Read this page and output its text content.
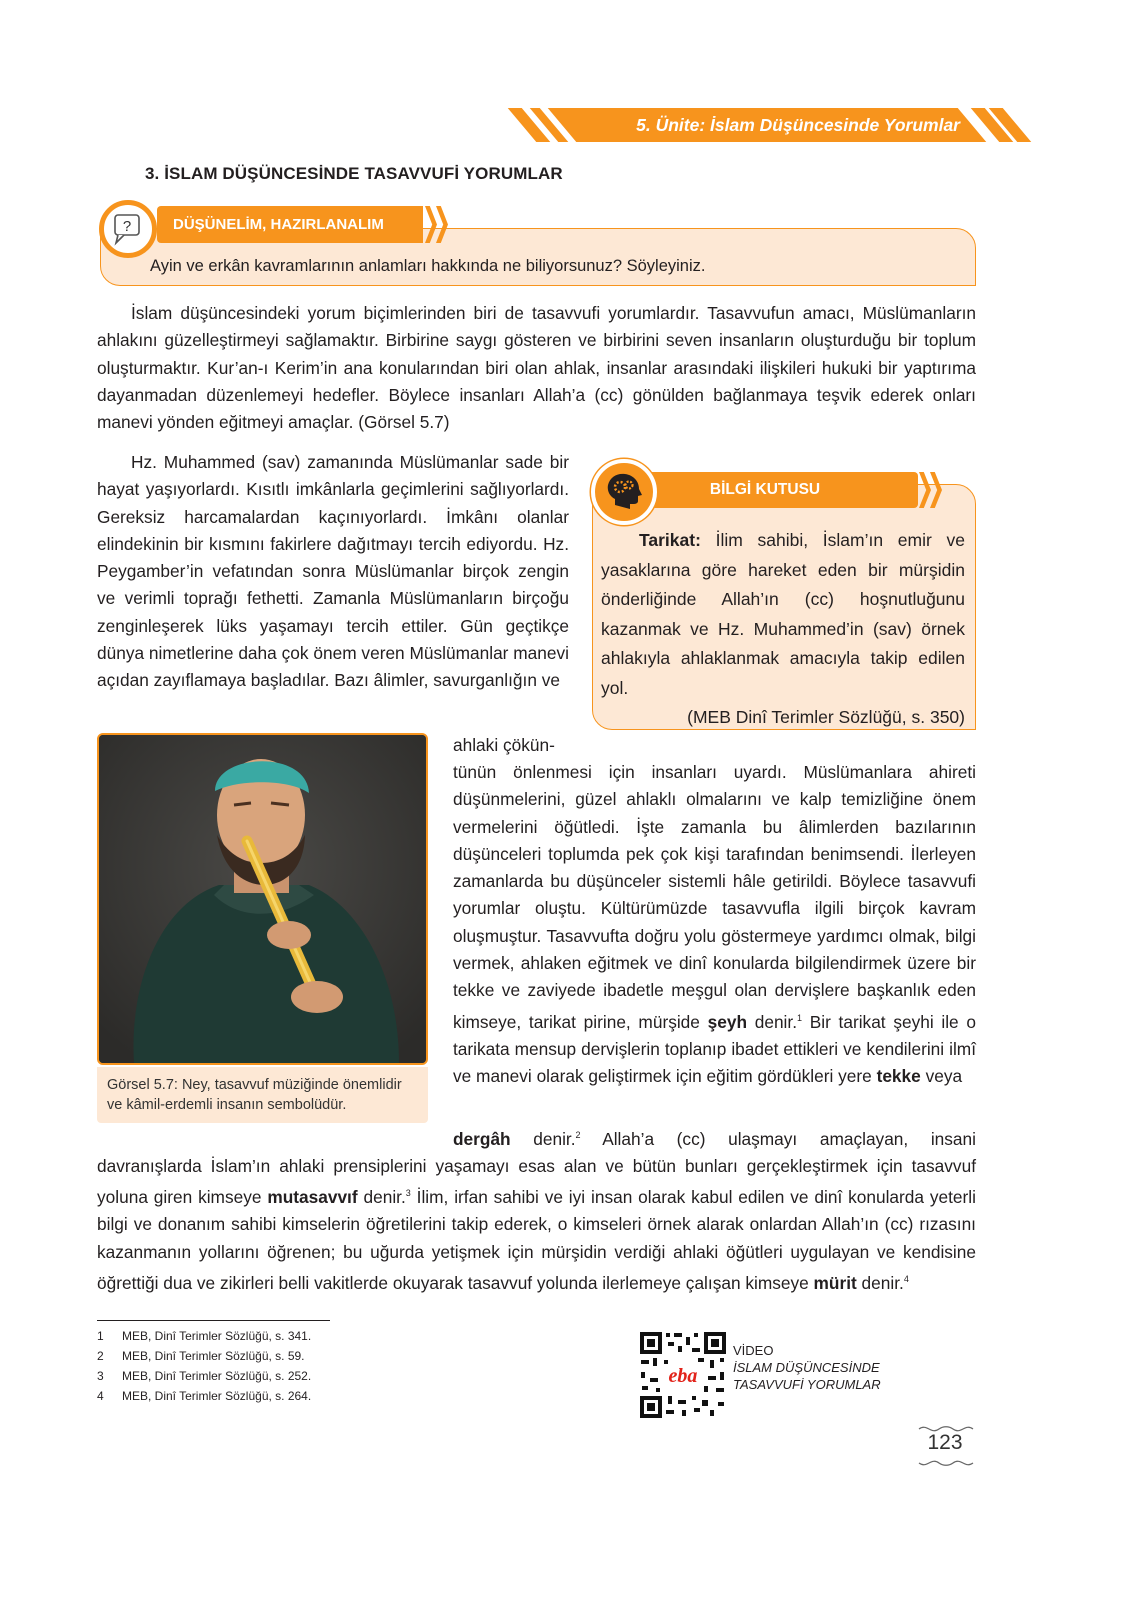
5. Ünite: İslam Düşüncesinde Yorumlar
3. İSLAM DÜŞÜNCESİNDE TASAVVUFİ YORUMLAR
DÜŞÜNELİM, HAZIRLANALIM
?
Ayin ve erkân kavramlarının anlamları hakkında ne biliyorsunuz? Söyleyiniz.

İslam düşüncesindeki yorum biçimlerinden biri de tasavvufi yorumlardır. Tasavvufun amacı, Müslümanların ahlakını güzelleştirmeyi sağlamaktır. Birbirine saygı gösteren ve birbirini seven insanların oluşturduğu bir toplum oluşturmaktır. Kur’an-ı Kerim’in ana konularından biri olan ahlak, insanlar arasındaki ilişkileri hukuki bir yaptırıma dayanmadan düzenlemeyi hedefler. Böylece insanları Allah’a (cc) gönülden bağlanmaya teşvik ederek onları manevi yönden eğitmeyi amaçlar. (Görsel 5.7)

Hz. Muhammed (sav) zamanında Müslümanlar sade bir hayat yaşıyorlardı. Kısıtlı imkânlarla geçimlerini sağlıyorlardı. Gereksiz harcamalardan kaçınıyorlardı. İmkânı olanlar elindekinin bir kısmını fakirlere dağıtmayı tercih ediyordu. Hz. Peygamber’in vefatından sonra Müslümanlar birçok zengin ve verimli toprağı fethetti. Zamanla Müslümanların birçoğu zenginleşerek lüks yaşamayı tercih ettiler. Gün geçtikçe dünya nimetlerine daha çok önem veren Müslümanlar manevi açıdan zayıflamaya başladılar. Bazı âlimler, savurganlığın ve

ahlaki çökün-
BİLGİ KUTUSU

Tarikat: İlim sahibi, İslam’ın emir ve yasaklarına göre hareket eden bir mürşidin önderliğinde Allah’ın (cc) hoşnutluğunu kazanmak ve Hz. Muhammed’in (sav) örnek ahlakıyla ahlaklanmak amacıyla takip edilen yol.

(MEB Dinî Terimler Sözlüğü, s. 350)
Görsel 5.7: Ney, tasavvuf müziğinde önemlidir ve kâmil-erdemli insanın sembolüdür.

tünün önlenmesi için insanları uyardı. Müslümanlara ahireti düşünmelerini, güzel ahlaklı olmalarını ve kalp temizliğine önem vermelerini öğütledi. İşte zamanla bu âlimlerden bazılarının düşünceleri toplumda pek çok kişi tarafından benimsendi. İlerleyen zamanlarda bu düşünceler sistemli hâle getirildi. Böylece tasavvufi yorumlar oluştu. Kültürümüzde tasavvufla ilgili birçok kavram oluşmuştur. Tasavvufta doğru yolu göstermeye yardımcı olmak, bilgi vermek, ahlaken eğitmek ve dinî konularda bilgilendirmek üzere bir tekke ve zaviyede ibadetle meşgul olan dervişlere başkanlık eden kimseye, tarikat pirine, mürşide şeyh denir.$^1$ Bir tarikat şeyhi ile o tarikata mensup dervişlerin toplanıp ibadet ettikleri ve kendilerini ilmî ve manevi olarak geliştirmek için eğitim gördükleri yere tekke veya

dergâh denir.$^2$ Allah’a (cc) ulaşmayı amaçlayan, insani davranışlarda İslam’ın ahlaki prensiplerini yaşamayı esas alan ve bütün bunları gerçekleştirmek için tasavvuf yoluna giren kimseye mutasavvıf denir.$^3$ İlim, irfan sahibi ve iyi insan olarak kabul edilen ve dinî konularda yeterli bilgi ve donanım sahibi kimselerin öğretilerini takip ederek, o kimseleri örnek alarak onlardan Allah’ın (cc) rızasını kazanmanın yollarını öğrenen; bu uğurda yetişmek için mürşidin verdiği ahlaki öğütleri uygulayan ve kendisine öğrettiği dua ve zikirleri belli vakitlerde okuyarak tasavvuf yolunda ilerlemeye çalışan kimseye mürit denir.$^4$

1 MEB, Dinî Terimler Sözlüğü, s. 341.
2 MEB, Dinî Terimler Sözlüğü, s. 59.
3 MEB, Dinî Terimler Sözlüğü, s. 252.
4 MEB, Dinî Terimler Sözlüğü, s. 264.
eba
VİDEO
İSLAM DÜŞÜNCESİNDE
TASAVVUFİ YORUMLAR
123
